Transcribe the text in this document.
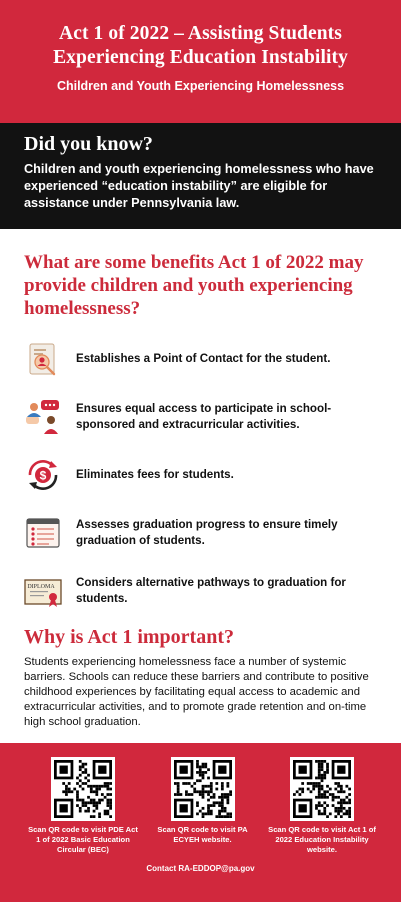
Act 1 of 2022 – Assisting Students
Experiencing Education Instability
Children and Youth Experiencing Homelessness
Did you know?

Children and youth experiencing homelessness who have experienced “education instability” are eligible for assistance under Pennsylvania law.

What are some benefits Act 1 of 2022 may provide children and youth experiencing homelessness?
Establishes a Point of Contact for the student.
Ensures equal access to participate in school-sponsored and extracurricular activities.
$	Eliminates fees for students.
Assesses graduation progress to ensure timely graduation of students.
DIPLOMA Considers alternative pathways to graduation for students.
Why is Act 1 important?

Students experiencing homelessness face a number of systemic barriers. Schools can reduce these barriers and contribute to positive childhood experiences by facilitating equal access to academic and extracurricular activities, and to promote grade retention and on-time high school graduation.

Scan QR code to visit PDE Act 1 of 2022 Basic Education Circular (BEC)
Scan QR code to visit PA ECYEH website.
Scan QR code to visit Act 1 of 2022 Education Instability website.
Contact RA-EDDOP@pa.gov
